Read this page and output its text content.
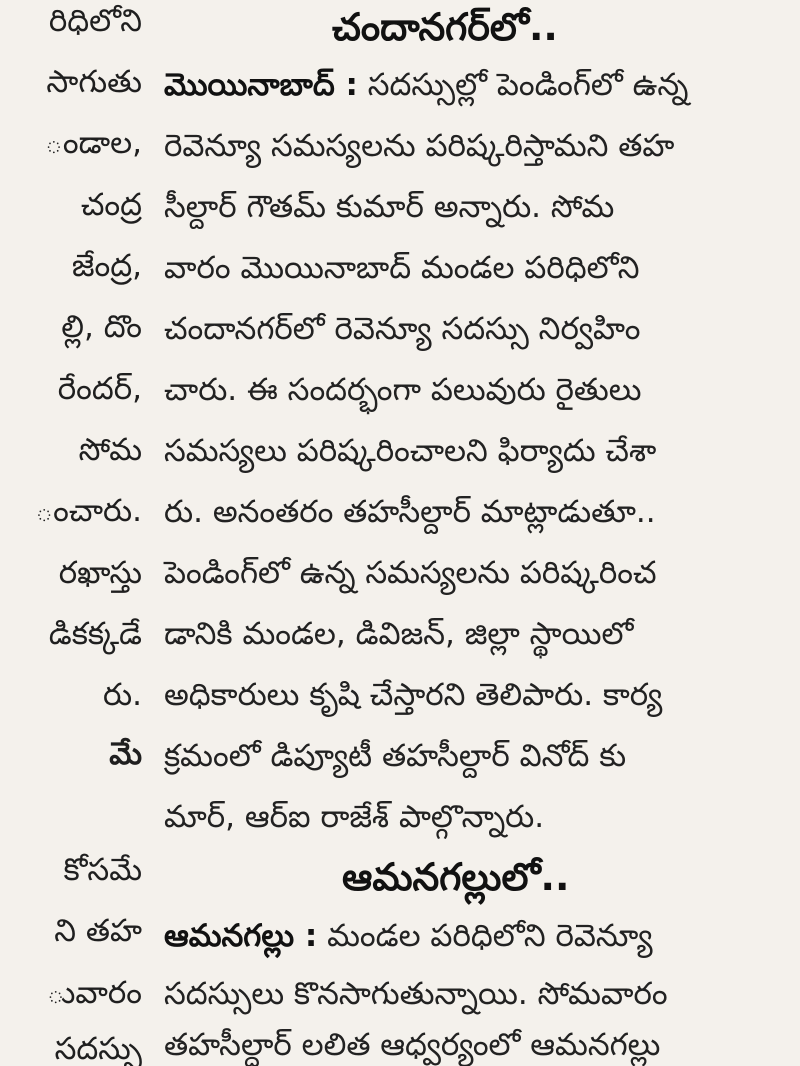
రిధిలోని
సాగుతు
ండాల,
చంద్ర
జేంద్ర,
ల్లి, దొం
రేందర్,
సోమ
ంచారు.
రఖాస్తు
డికక్కడే
రు.
మే
కోసమే
ని తహ
ువారం
సదస్సు
చందానగర్‌లో..
మొయినాబాద్‌ : సదస్సుల్లో పెండింగ్‌లో ఉన్న
రెవెన్యూ సమస్యలను పరిష్కరిస్తామని తహ
సీల్దార్ గౌతమ్ కుమార్ అన్నారు. సోమ
వారం మొయినాబాద్ మండల పరిధిలోని
చందానగర్‌లో రెవెన్యూ సదస్సు నిర్వహిం
చారు. ఈ సందర్భంగా పలువురు రైతులు
సమస్యలు పరిష్కరించాలని ఫిర్యాదు చేశా
రు. అనంతరం తహసీల్దార్ మాట్లాడుతూ..
పెండింగ్‌లో ఉన్న సమస్యలను పరిష్కరించ
డానికి మండల, డివిజన్, జిల్లా స్థాయిలో
అధికారులు కృషి చేస్తారని తెలిపారు. కార్య
క్రమంలో డిప్యూటీ తహసీల్దార్ వినోద్ కు
మార్, ఆర్ఐ రాజేశ్ పాల్గొన్నారు.
ఆమనగల్లులో..
ఆమనగల్లు : మండల పరిధిలోని రెవెన్యూ
సదస్సులు కొనసాగుతున్నాయి. సోమవారం
తహసీల్దార్ లలిత ఆధ్వర్యంలో ఆమనగల్లు
